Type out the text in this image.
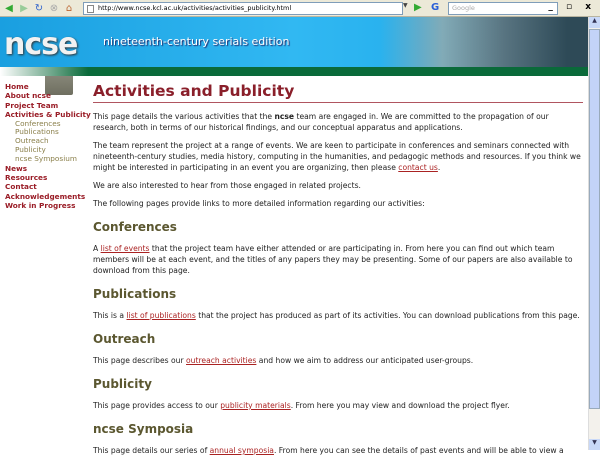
◀ ▶ ↻ ⊗ ⌂	http://www.ncse.kcl.ac.uk/activities/activities_publicity.html	▼ ▶ G	Google	_ ▫ x
ncse nineteenth-century serials edition
Home
About ncse
Project Team
Activities & Publicity
Conferences
Publications
Outreach
Publicity
ncse Symposium
News
Resources
Contact
Acknowledgements
Work in Progress
Activities and Publicity

This page details the various activities that the ncse team are engaged in. We are committed to the propagation of our research, both in terms of our historical findings, and our conceptual apparatus and applications.

The team represent the project at a range of events. We are keen to participate in conferences and seminars connected with nineteenth-century studies, media history, computing in the humanities, and pedagogic methods and resources. If you think we might be interested in participating in an event you are organizing, then please contact us.

We are also interested to hear from those engaged in related projects.

The following pages provide links to more detailed information regarding our activities:

Conferences

A list of events that the project team have either attended or are participating in. From here you can find out which team members will be at each event, and the titles of any papers they may be presenting. Some of our papers are also available to download from this page.

Publications

This is a list of publications that the project has produced as part of its activities. You can download publications from this page.

Outreach

This page describes our outreach activities and how we aim to address our anticipated user-groups.

Publicity

This page provides access to our publicity materials. From here you may view and download the project flyer.

ncse Symposia

This page details our series of annual symposia. From here you can see the details of past events and will be able to view a

▲
▼
